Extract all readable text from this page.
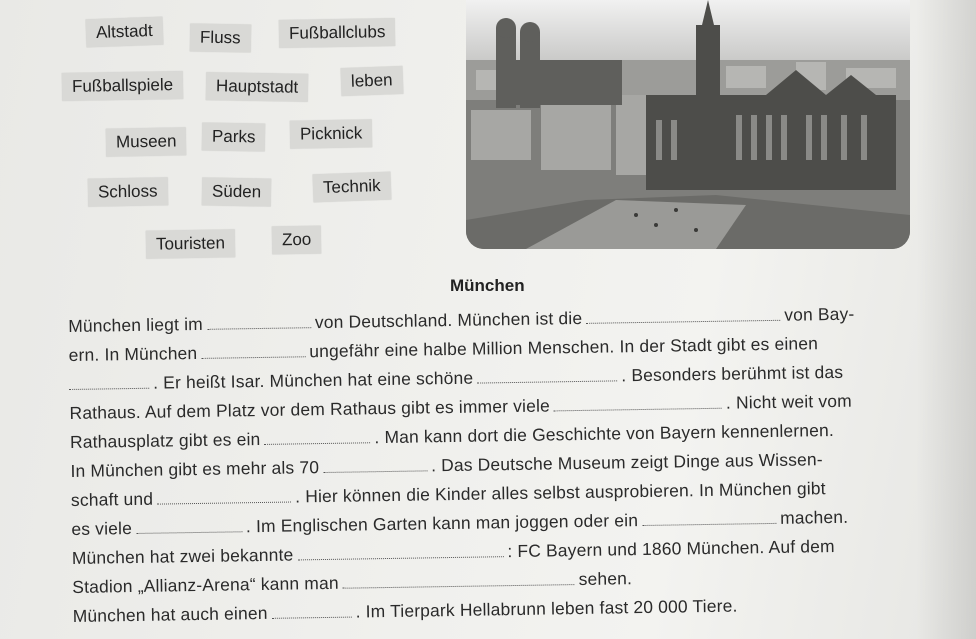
Altstadt	Fluss	Fußballclubs
Fußballspiele	Hauptstadt	leben
Museen	Parks	Picknick
Schloss	Süden	Technik
Touristen	Zoo
München
München liegt im	von Deutschland. München ist die	von Bay-
ern. In München	ungefähr eine halbe Million Menschen. In der Stadt gibt es einen
. Er heißt Isar. München hat eine schöne	. Besonders berühmt ist das
Rathaus. Auf dem Platz vor dem Rathaus gibt es immer viele	. Nicht weit vom
Rathausplatz gibt es ein	. Man kann dort die Geschichte von Bayern kennenlernen.
In München gibt es mehr als 70	. Das Deutsche Museum zeigt Dinge aus Wissen-
schaft und	. Hier können die Kinder alles selbst ausprobieren. In München gibt
es viele	. Im Englischen Garten kann man joggen oder ein	machen.
München hat zwei bekannte	: FC Bayern und 1860 München. Auf dem
Stadion „Allianz-Arena“ kann man	sehen.
München hat auch einen	. Im Tierpark Hellabrunn leben fast 20 000 Tiere.
